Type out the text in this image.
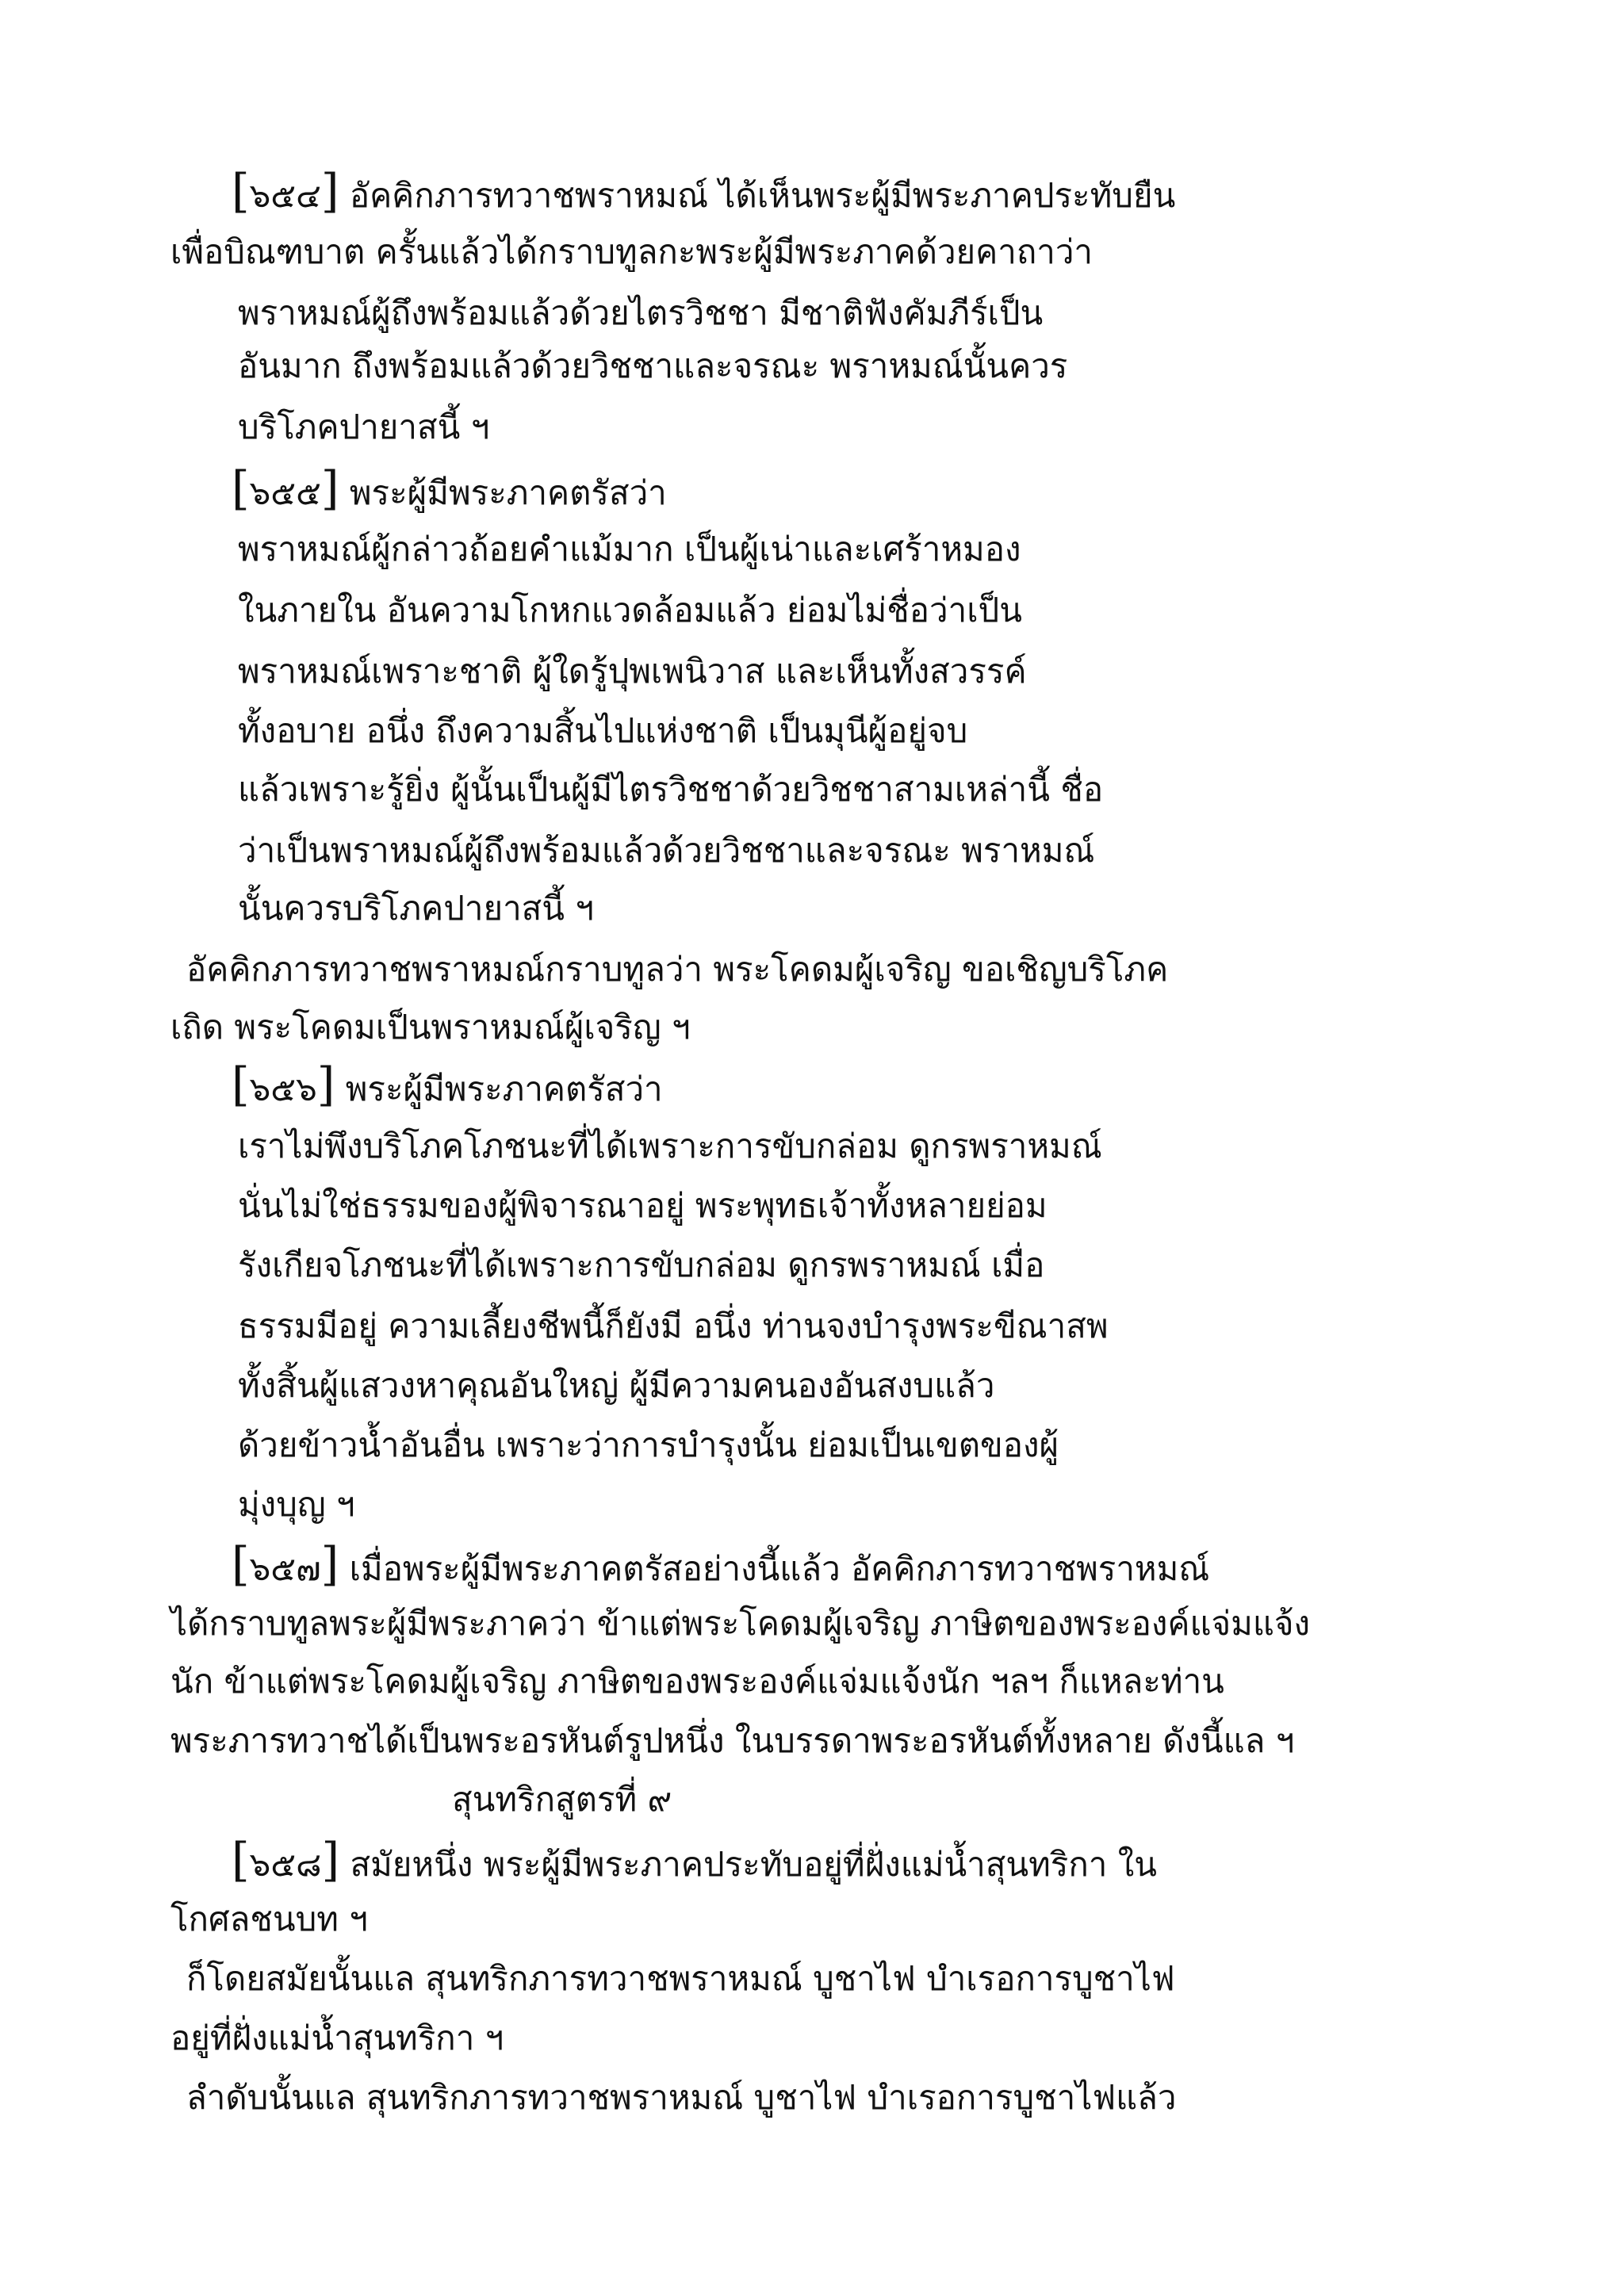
[๖๕๔] อัคคิกภารทวาชพราหมณ์ ได้เห็นพระผู้มีพระภาคประทับยืน
เพื่อบิณฑบาต ครั้นแล้วได้กราบทูลกะพระผู้มีพระภาคด้วยคาถาว่า
พราหมณ์ผู้ถึงพร้อมแล้วด้วยไตรวิชชา มีชาติฟังคัมภีร์เป็น
อันมาก ถึงพร้อมแล้วด้วยวิชชาและจรณะ พราหมณ์นั้นควร
บริโภคปายาสนี้ ฯ
[๖๕๕] พระผู้มีพระภาคตรัสว่า
พราหมณ์ผู้กล่าวถ้อยคำแม้มาก เป็นผู้เน่าและเศร้าหมอง
ในภายใน อันความโกหกแวดล้อมแล้ว ย่อมไม่ชื่อว่าเป็น
พราหมณ์เพราะชาติ ผู้ใดรู้ปุพเพนิวาส และเห็นทั้งสวรรค์
ทั้งอบาย อนึ่ง ถึงความสิ้นไปแห่งชาติ เป็นมุนีผู้อยู่จบ
แล้วเพราะรู้ยิ่ง ผู้นั้นเป็นผู้มีไตรวิชชาด้วยวิชชาสามเหล่านี้ ชื่อ
ว่าเป็นพราหมณ์ผู้ถึงพร้อมแล้วด้วยวิชชาและจรณะ พราหมณ์
นั้นควรบริโภคปายาสนี้ ฯ
อัคคิกภารทวาชพราหมณ์กราบทูลว่า พระโคดมผู้เจริญ ขอเชิญบริโภค
เถิด พระโคดมเป็นพราหมณ์ผู้เจริญ ฯ
[๖๕๖] พระผู้มีพระภาคตรัสว่า
เราไม่พึงบริโภคโภชนะที่ได้เพราะการขับกล่อม ดูกรพราหมณ์
นั่นไม่ใช่ธรรมของผู้พิจารณาอยู่ พระพุทธเจ้าทั้งหลายย่อม
รังเกียจโภชนะที่ได้เพราะการขับกล่อม ดูกรพราหมณ์ เมื่อ
ธรรมมีอยู่ ความเลี้ยงชีพนี้ก็ยังมี อนึ่ง ท่านจงบำรุงพระขีณาสพ
ทั้งสิ้นผู้แสวงหาคุณอันใหญ่ ผู้มีความคนองอันสงบแล้ว
ด้วยข้าวน้ำอันอื่น เพราะว่าการบำรุงนั้น ย่อมเป็นเขตของผู้
มุ่งบุญ ฯ
[๖๕๗] เมื่อพระผู้มีพระภาคตรัสอย่างนี้แล้ว อัคคิกภารทวาชพราหมณ์
ได้กราบทูลพระผู้มีพระภาคว่า ข้าแต่พระโคดมผู้เจริญ ภาษิตของพระองค์แจ่มแจ้ง
นัก ข้าแต่พระโคดมผู้เจริญ ภาษิตของพระองค์แจ่มแจ้งนัก ฯลฯ ก็แหละท่าน
พระภารทวาชได้เป็นพระอรหันต์รูปหนึ่ง ในบรรดาพระอรหันต์ทั้งหลาย ดังนี้แล ฯ
สุนทริกสูตรที่ ๙
[๖๕๘] สมัยหนึ่ง พระผู้มีพระภาคประทับอยู่ที่ฝั่งแม่น้ำสุนทริกา ใน
โกศลชนบท ฯ
ก็โดยสมัยนั้นแล สุนทริกภารทวาชพราหมณ์ บูชาไฟ บำเรอการบูชาไฟ
อยู่ที่ฝั่งแม่น้ำสุนทริกา ฯ
ลำดับนั้นแล สุนทริกภารทวาชพราหมณ์ บูชาไฟ บำเรอการบูชาไฟแล้ว
